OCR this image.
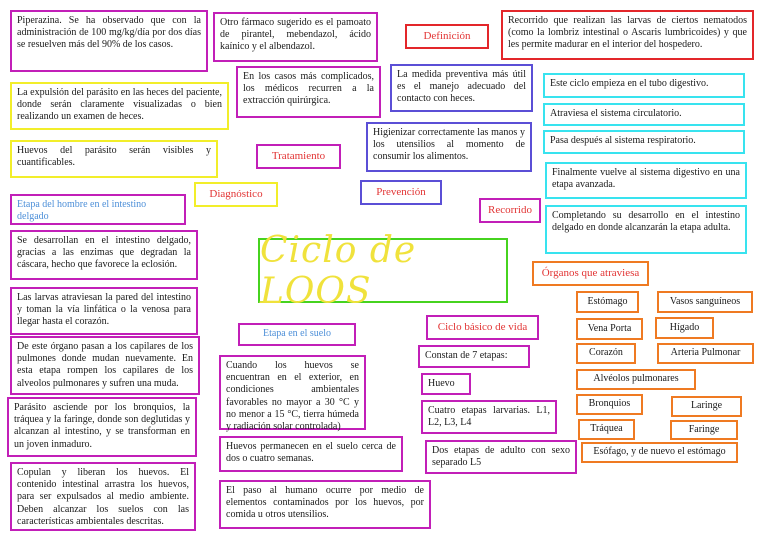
Piperazina. Se ha observado que con la administración de 100 mg/kg/día por dos días se resuelven más del 90% de los casos.
Otro fármaco sugerido es el pamoato de pirantel, mebendazol, ácido kaínico y el albendazol.
En los casos más complicados, los médicos recurren a la extracción quirúrgica.
La expulsión del parásito en las heces del paciente, donde serán claramente visualizadas o bien realizando un examen de heces.
Huevos del parásito serán visibles y cuantificables.
Tratamiento
Diagnóstico
La medida preventiva más útil es el manejo adecuado del contacto con heces.
Higienizar correctamente las manos y los utensilios al momento de consumir los alimentos.
Prevención
Definición
Recorrido que realizan las larvas de ciertos nematodos (como la lombriz intestinal o Ascaris lumbricoides) y que les permite madurar en el interior del hospedero.
Este ciclo empieza en el tubo digestivo.
Atraviesa el sistema circulatorio.
Pasa después al sistema respiratorio.
Finalmente vuelve al sistema digestivo en una etapa avanzada.
Completando su desarrollo en el intestino delgado en donde alcanzarán la etapa adulta.
Recorrido
Ciclo de LOOS
Etapa del hombre en el intestino delgado
Se desarrollan en el intestino delgado, gracias a las enzimas que degradan la cáscara, hecho que favorece la eclosión.
Las larvas atraviesan la pared del intestino y toman la vía linfática o la venosa para llegar hasta el corazón.
De este órgano pasan a los capilares de los pulmones donde mudan nuevamente. En esta etapa rompen los capilares de los alveolos pulmonares y sufren una muda.
Parásito asciende por los bronquios, la tráquea y la faringe, donde son deglutidas y alcanzan al intestino, y se transforman en un joven inmaduro.
Copulan y liberan los huevos. El contenido intestinal arrastra los huevos, para ser expulsados al medio ambiente. Deben alcanzar los suelos con las características ambientales descritas.
Etapa en el suelo
Cuando los huevos se encuentran en el exterior, en condiciones ambientales favorables no mayor a 30 °C y no menor a 15 °C, tierra húmeda y radiación solar controlada)
Huevos permanecen en el suelo cerca de dos o cuatro semanas.
El paso al humano ocurre por medio de elementos contaminados por los huevos, por comida u otros utensilios.
Ciclo básico de vida
Constan de 7 etapas:
Huevo
Cuatro etapas larvarias. L1, L2, L3, L4
Dos etapas de adulto con sexo separado L5
Órganos que atraviesa
Estómago	Vasos sanguíneos
Vena Porta	Hígado
Corazón	Arteria Pulmonar
Alvéolos pulmonares
Bronquios	Laringe
Tráquea	Faringe
Esófago, y de nuevo el estómago
